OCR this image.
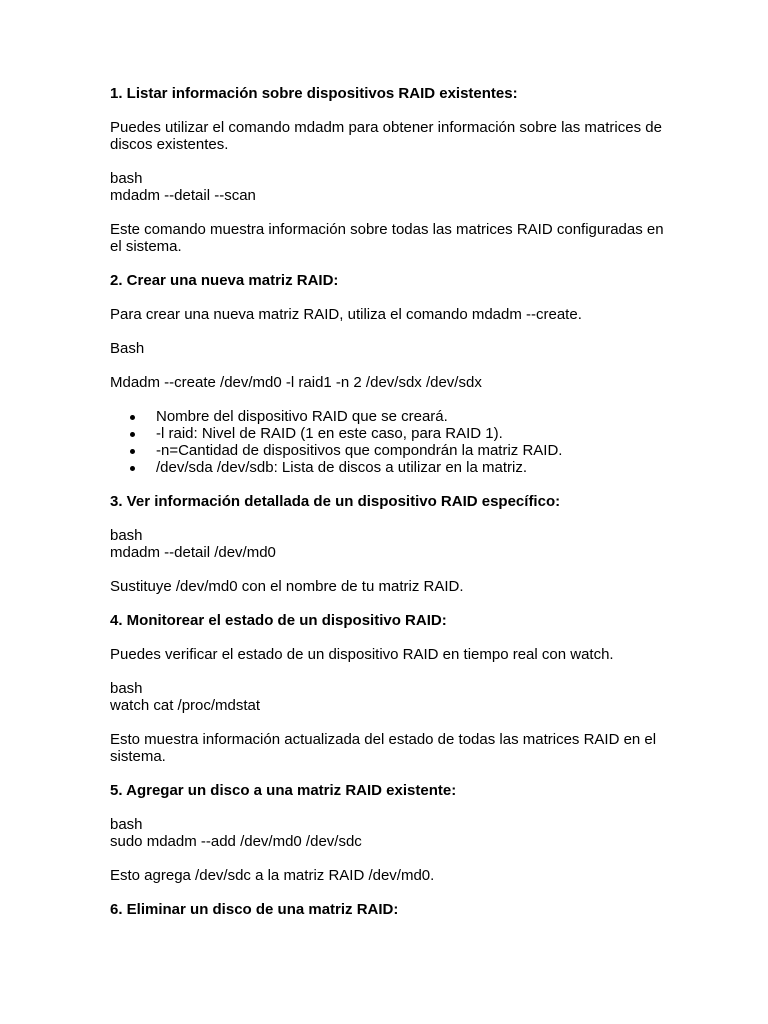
1. Listar información sobre dispositivos RAID existentes:

Puedes utilizar el comando mdadm para obtener información sobre las matrices de discos existentes.

bash

mdadm --detail --scan

Este comando muestra información sobre todas las matrices RAID configuradas en el sistema.

2. Crear una nueva matriz RAID:

Para crear una nueva matriz RAID, utiliza el comando mdadm --create.

Bash

Mdadm --create /dev/md0 -l raid1 -n 2 /dev/sdx /dev/sdx

Nombre del dispositivo RAID que se creará.
-l raid: Nivel de RAID (1 en este caso, para RAID 1).
-n=Cantidad de dispositivos que compondrán la matriz RAID.
/dev/sda /dev/sdb: Lista de discos a utilizar en la matriz.

3. Ver información detallada de un dispositivo RAID específico:

bash

mdadm --detail /dev/md0

Sustituye /dev/md0 con el nombre de tu matriz RAID.

4. Monitorear el estado de un dispositivo RAID:

Puedes verificar el estado de un dispositivo RAID en tiempo real con watch.

bash

watch cat /proc/mdstat

Esto muestra información actualizada del estado de todas las matrices RAID en el sistema.

5. Agregar un disco a una matriz RAID existente:

bash

sudo mdadm --add /dev/md0 /dev/sdc

Esto agrega /dev/sdc a la matriz RAID /dev/md0.

6. Eliminar un disco de una matriz RAID:
